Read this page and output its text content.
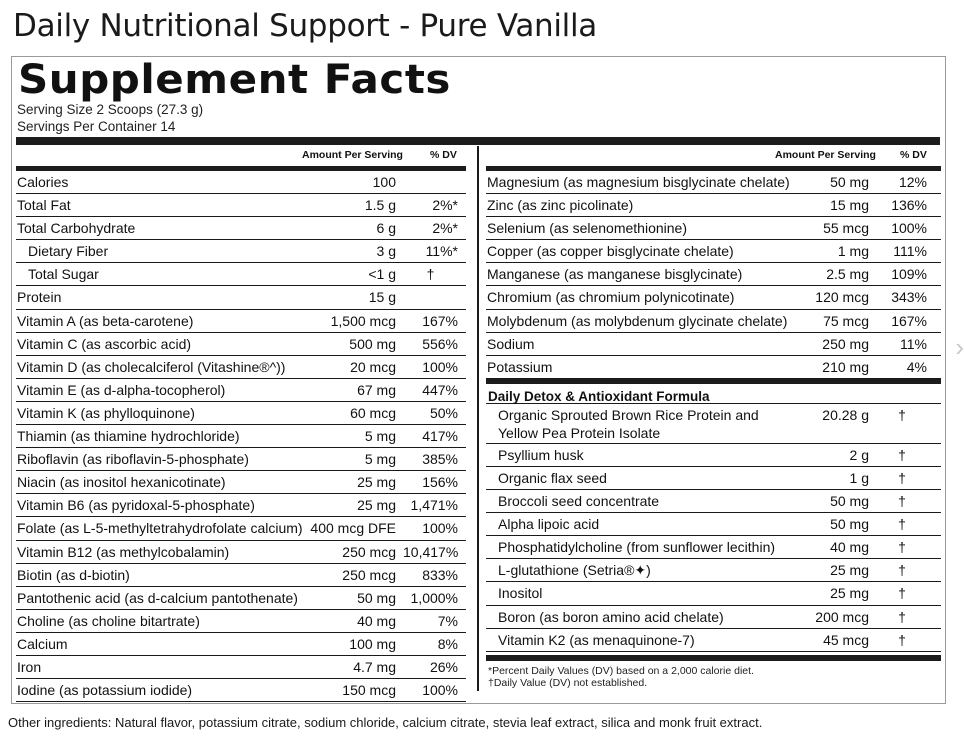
Daily Nutritional Support - Pure Vanilla
Supplement Facts
Serving Size 2 Scoops (27.3 g)
Servings Per Container 14
Amount Per Serving	% DV
Calories	100
Total Fat	1.5 g	2%*
Total Carbohydrate	6 g	2%*
Dietary Fiber	3 g	11%*
Total Sugar	<1 g	†
Protein	15 g
Vitamin A (as beta-carotene)	1,500 mcg	167%
Vitamin C (as ascorbic acid)	500 mg	556%
Vitamin D (as cholecalciferol (Vitashine®^))	20 mcg	100%
Vitamin E (as d-alpha-tocopherol)	67 mg	447%
Vitamin K (as phylloquinone)	60 mcg	50%
Thiamin (as thiamine hydrochloride)	5 mg	417%
Riboflavin (as riboflavin-5-phosphate)	5 mg	385%
Niacin (as inositol hexanicotinate)	25 mg	156%
Vitamin B6 (as pyridoxal-5-phosphate)	25 mg	1,471%
Folate (as L-5-methyltetrahydrofolate calcium) 400 mcg DFE	100%
Vitamin B12 (as methylcobalamin)	250 mcg 10,417%
Biotin (as d-biotin)	250 mcg	833%
Pantothenic acid (as d-calcium pantothenate)	50 mg	1,000%
Choline (as choline bitartrate)	40 mg	7%
Calcium	100 mg	8%
Iron	4.7 mg	26%
Iodine (as potassium iodide)	150 mcg	100%
Amount Per Serving % DV
Magnesium (as magnesium bisglycinate chelate)	50 mg	12%
Zinc (as zinc picolinate)	15 mg	136%
Selenium (as selenomethionine)	55 mcg	100%
Copper (as copper bisglycinate chelate)	1 mg	111%
Manganese (as manganese bisglycinate)	2.5 mg	109%
Chromium (as chromium polynicotinate)	120 mcg	343%
Molybdenum (as molybdenum glycinate chelate)	75 mcg	167%
Sodium	250 mg	11%
Potassium	210 mg	4%
Daily Detox & Antioxidant Formula
Organic Sprouted Brown Rice Protein and
Yellow Pea Protein Isolate
20.28 g	†
Psyllium husk	2 g	†
Organic flax seed	1 g	†
Broccoli seed concentrate	50 mg	†
Alpha lipoic acid	50 mg	†
Phosphatidylcholine (from sunflower lecithin)	40 mg	†
L-glutathione (Setria®✦)	25 mg	†
Inositol	25 mg	†
Boron (as boron amino acid chelate)	200 mcg	†
Vitamin K2 (as menaquinone-7)	45 mcg	†
*Percent Daily Values (DV) based on a 2,000 calorie diet.
†Daily Value (DV) not established.
Other ingredients: Natural flavor, potassium citrate, sodium chloride, calcium citrate, stevia leaf extract, silica and monk fruit extract.
›
